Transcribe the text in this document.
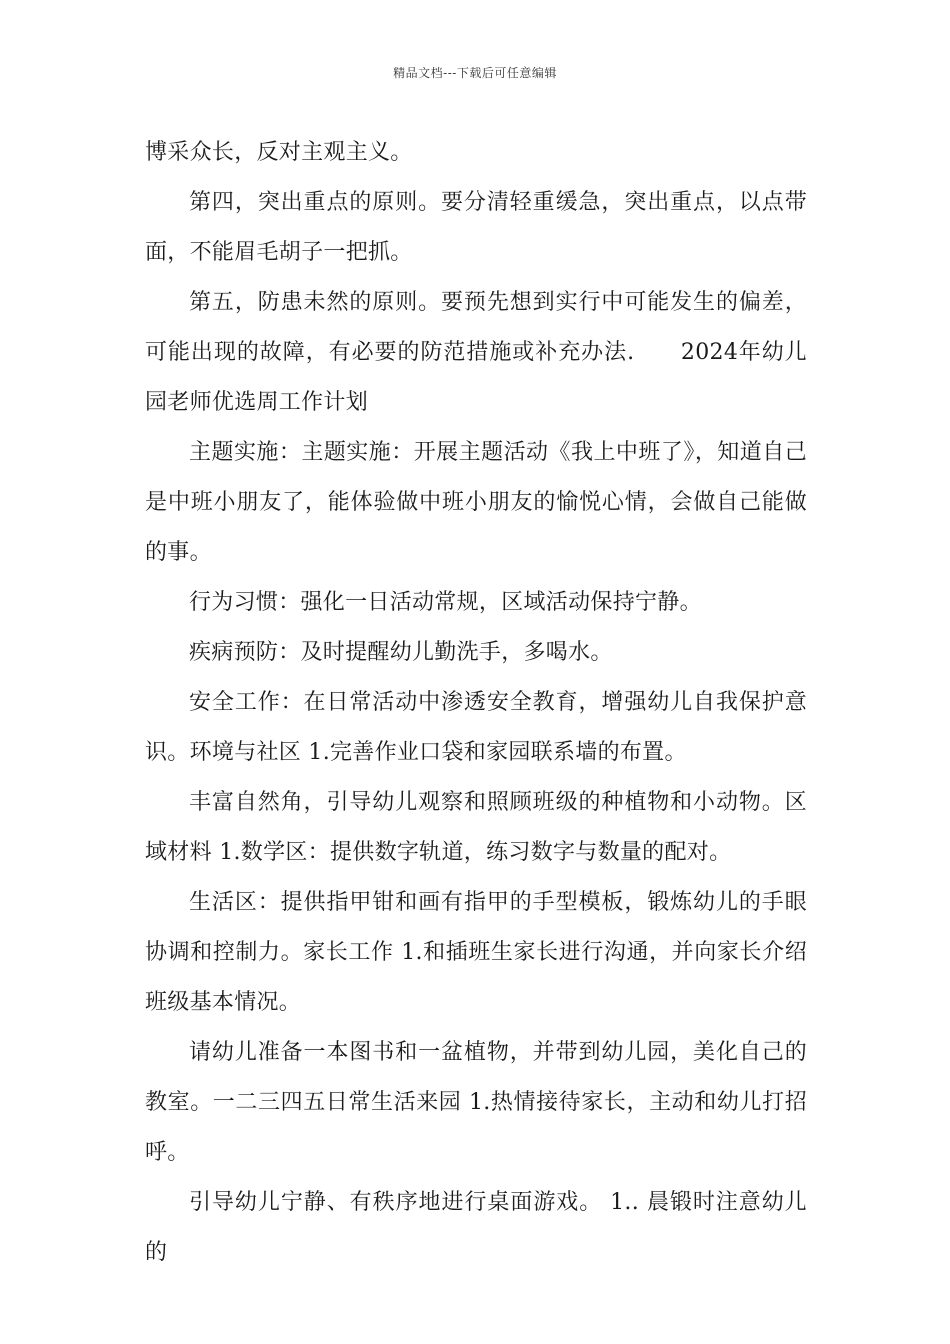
精品文档---下载后可任意编辑

博采众长，反对主观主义。

第四，突出重点的原则。要分清轻重缓急，突出重点，以点带面，不能眉毛胡子一把抓。

第五，防患未然的原则。要预先想到实行中可能发生的偏差，可能出现的故障，有必要的防范措施或补充办法.　　2024年幼儿园老师优选周工作计划

主题实施：主题实施：开展主题活动《我上中班了》，知道自己是中班小朋友了，能体验做中班小朋友的愉悦心情，会做自己能做的事。

行为习惯：强化一日活动常规，区域活动保持宁静。

疾病预防：及时提醒幼儿勤洗手，多喝水。

安全工作：在日常活动中渗透安全教育，增强幼儿自我保护意识。环境与社区 1.完善作业口袋和家园联系墙的布置。

丰富自然角，引导幼儿观察和照顾班级的种植物和小动物。区域材料 1.数学区：提供数字轨道，练习数字与数量的配对。

生活区：提供指甲钳和画有指甲的手型模板，锻炼幼儿的手眼协调和控制力。家长工作 1.和插班生家长进行沟通，并向家长介绍班级基本情况。

请幼儿准备一本图书和一盆植物，并带到幼儿园，美化自己的教室。一二三四五日常生活来园 1.热情接待家长，主动和幼儿打招呼。

引导幼儿宁静、有秩序地进行桌面游戏。 1.. 晨锻时注意幼儿的
